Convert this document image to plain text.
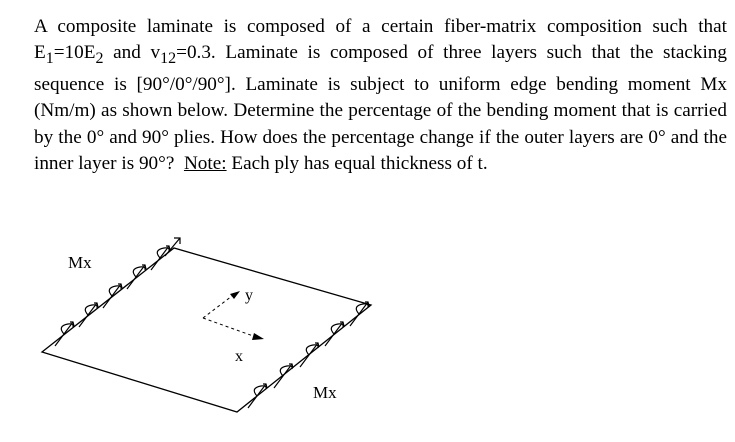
A composite laminate is composed of a certain fiber-matrix composition such that $E_1=10E_2$ and $v_{12}=0.3$. Laminate is composed of three layers such that the stacking sequence is [90°/0°/90°]. Laminate is subject to uniform edge bending moment Mx (Nm/m) as shown below. Determine the percentage of the bending moment that is carried by the 0° and 90° plies. How does the percentage change if the outer layers are 0° and the inner layer is 90°? Note: Each ply has equal thickness of t.

y
x
Mx
Mx
